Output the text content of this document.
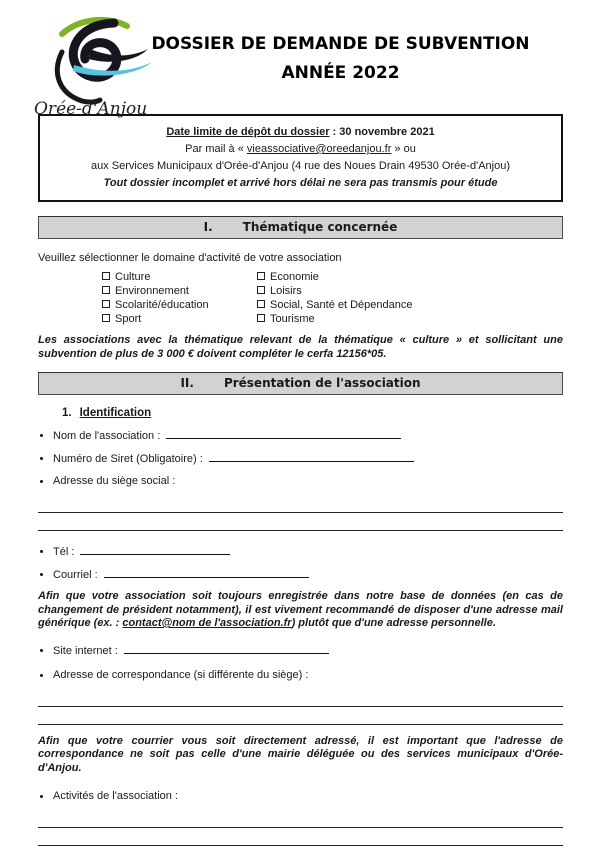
Orée-d'Anjou
DOSSIER DE DEMANDE DE SUBVENTION
ANNÉE 2022
Date limite de dépôt du dossier : 30 novembre 2021
Par mail à « vieassociative@oreedanjou.fr » ou
aux Services Municipaux d'Orée-d'Anjou (4 rue des Noues Drain 49530 Orée-d'Anjou)
Tout dossier incomplet et arrivé hors délai ne sera pas transmis pour étude
I.	Thématique concernée

Veuillez sélectionner le domaine d'activité de votre association

Culture
Environnement
Scolarité/éducation
Sport
Economie
Loisirs
Social, Santé et Dépendance
Tourisme

Les associations avec la thématique relevant de la thématique « culture » et sollicitant une subvention de plus de 3 000 € doivent compléter le cerfa 12156*05.

II.	Présentation de l'association
1. Identification
Nom de l'association :
Numéro de Siret (Obligatoire) :
Adresse du siège social :
Tél :
Courriel :

Afin que votre association soit toujours enregistrée dans notre base de données (en cas de changement de président notamment), il est vivement recommandé de disposer d'une adresse mail générique (ex. : contact@nom de l'association.fr) plutôt que d'une adresse personnelle.

Site internet :
Adresse de correspondance (si différente du siège) :

Afin que votre courrier vous soit directement adressé, il est important que l'adresse de correspondance ne soit pas celle d'une mairie déléguée ou des services municipaux d'Orée-d'Anjou.

Activités de l'association :
